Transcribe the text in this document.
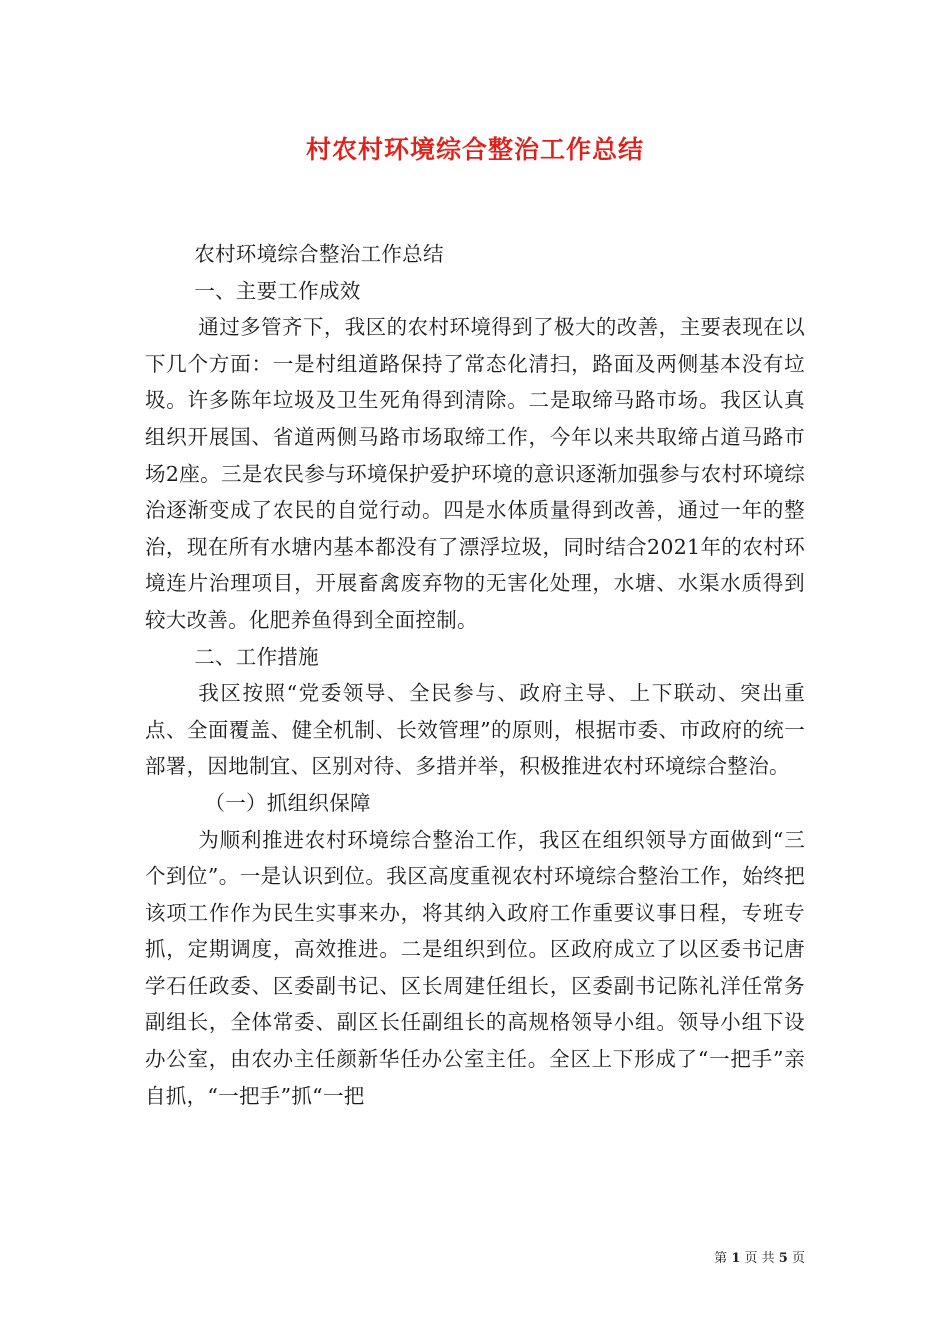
村农村环境综合整治工作总结

农村环境综合整治工作总结

一、主要工作成效

通过多管齐下，我区的农村环境得到了极大的改善，主要表现在以下几个方面：一是村组道路保持了常态化清扫，路面及两侧基本没有垃圾。许多陈年垃圾及卫生死角得到清除。二是取缔马路市场。我区认真组织开展国、省道两侧马路市场取缔工作，今年以来共取缔占道马路市场2座。三是农民参与环境保护爱护环境的意识逐渐加强参与农村环境综治逐渐变成了农民的自觉行动。四是水体质量得到改善，通过一年的整治，现在所有水塘内基本都没有了漂浮垃圾，同时结合2021年的农村环境连片治理项目，开展畜禽废弃物的无害化处理，水塘、水渠水质得到较大改善。化肥养鱼得到全面控制。

二、工作措施

我区按照“党委领导、全民参与、政府主导、上下联动、突出重点、全面覆盖、健全机制、长效管理”的原则，根据市委、市政府的统一部署，因地制宜、区别对待、多措并举，积极推进农村环境综合整治。

（一）抓组织保障

为顺利推进农村环境综合整治工作，我区在组织领导方面做到“三个到位”。一是认识到位。我区高度重视农村环境综合整治工作，始终把该项工作作为民生实事来办，将其纳入政府工作重要议事日程，专班专抓，定期调度，高效推进。二是组织到位。区政府成立了以区委书记唐学石任政委、区委副书记、区长周建任组长，区委副书记陈礼洋任常务副组长，全体常委、副区长任副组长的高规格领导小组。领导小组下设办公室，由农办主任颜新华任办公室主任。全区上下形成了“一把手”亲自抓，“一把手”抓“一把

第 1 页 共 5 页
